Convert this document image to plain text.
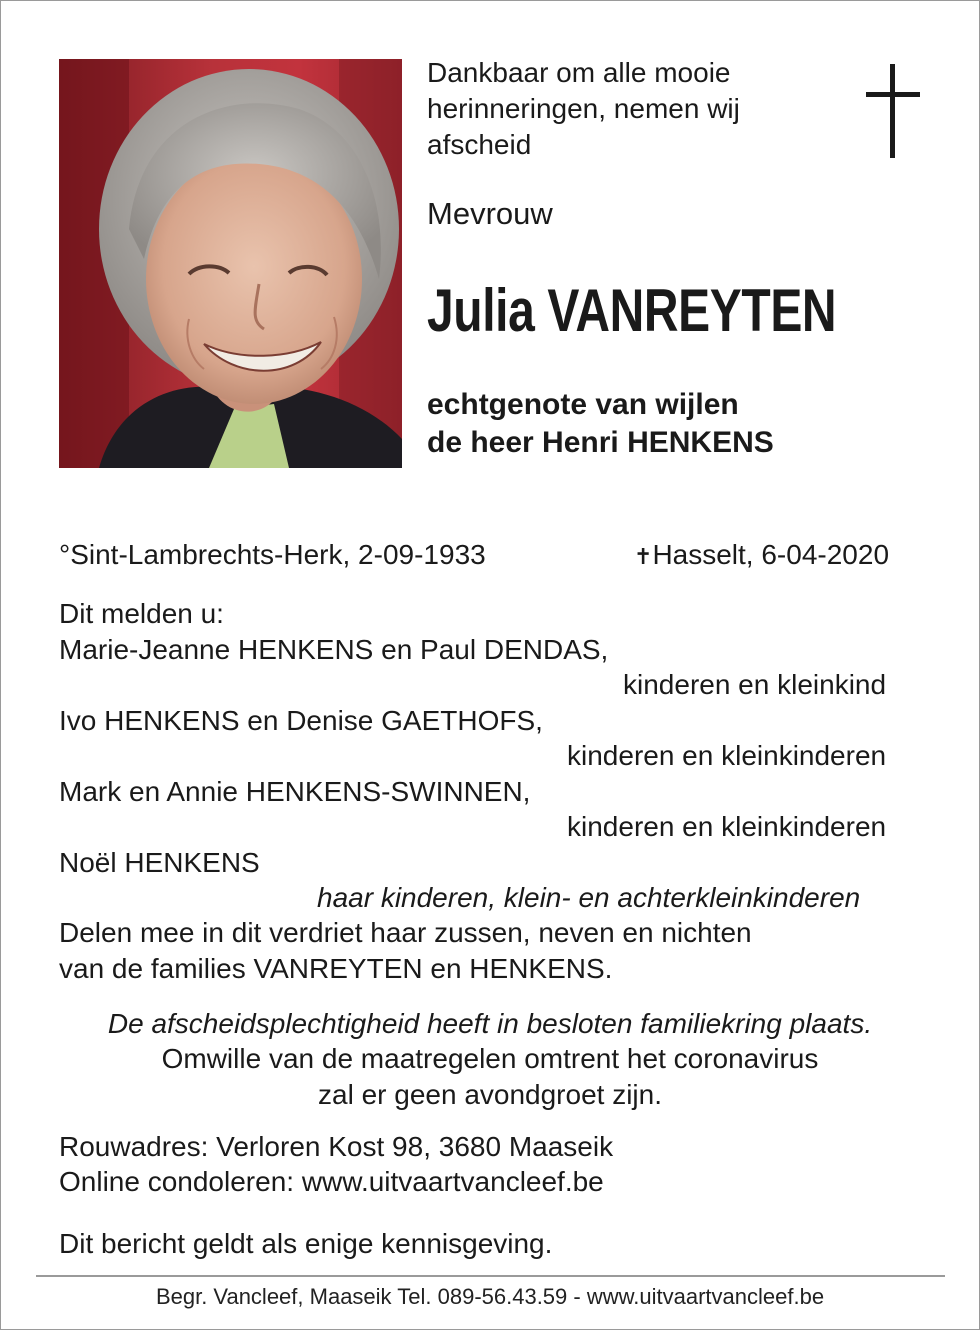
Dankbaar om alle mooie
herinneringen, nemen wij
afscheid
Mevrouw
Julia VANREYTEN
echtgenote van wijlen
de heer Henri HENKENS
°Sint-Lambrechts-Herk, 2-09-1933	✝Hasselt, 6-04-2020
Dit melden u:
Marie-Jeanne HENKENS en Paul DENDAS,
kinderen en kleinkind
Ivo HENKENS en Denise GAETHOFS,
kinderen en kleinkinderen
Mark en Annie HENKENS-SWINNEN,
kinderen en kleinkinderen
Noël HENKENS
haar kinderen, klein- en achterkleinkinderen
Delen mee in dit verdriet haar zussen, neven en nichten
van de families VANREYTEN en HENKENS.
De afscheidsplechtigheid heeft in besloten familiekring plaats.
Omwille van de maatregelen omtrent het coronavirus
zal er geen avondgroet zijn.
Rouwadres: Verloren Kost 98, 3680 Maaseik
Online condoleren: www.uitvaartvancleef.be
Dit bericht geldt als enige kennisgeving.
Begr. Vancleef, Maaseik Tel. 089-56.43.59 - www.uitvaartvancleef.be
